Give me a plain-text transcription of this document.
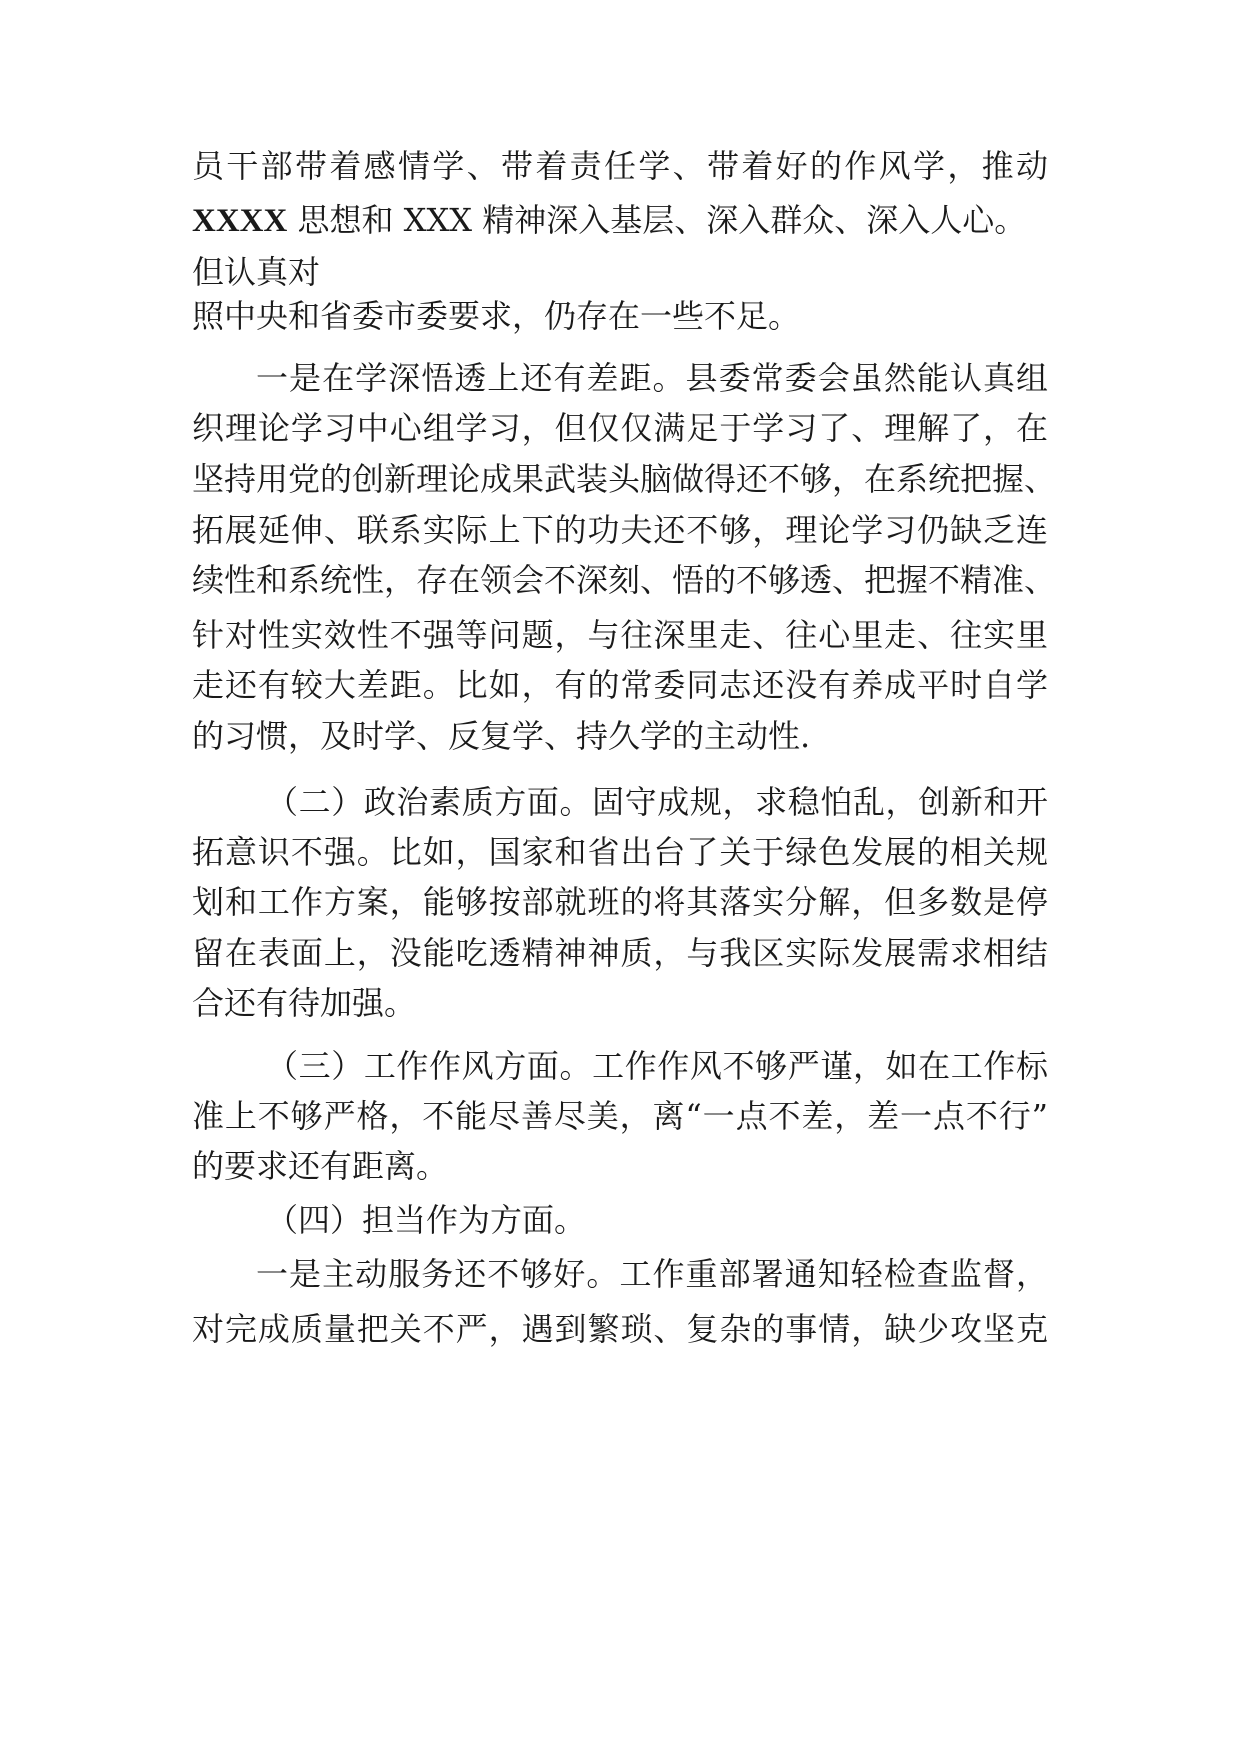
员干部带着感情学、带着责任学、带着好的作风学，推动
XXXX 思想和 XXX 精神深入基层、深入群众、深入人心。
但认真对
照中央和省委市委要求，仍存在一些不足。
一是在学深悟透上还有差距。县委常委会虽然能认真组
织理论学习中心组学习，但仅仅满足于学习了、理解了，在
坚持用党的创新理论成果武装头脑做得还不够，在系统把握、
拓展延伸、联系实际上下的功夫还不够，理论学习仍缺乏连
续性和系统性，存在领会不深刻、悟的不够透、把握不精准、
针对性实效性不强等问题，与往深里走、往心里走、往实里
走还有较大差距。比如，有的常委同志还没有养成平时自学
的习惯，及时学、反复学、持久学的主动性.
（二）政治素质方面。固守成规，求稳怕乱，创新和开
拓意识不强。比如，国家和省出台了关于绿色发展的相关规
划和工作方案，能够按部就班的将其落实分解，但多数是停
留在表面上，没能吃透精神神质，与我区实际发展需求相结
合还有待加强。
（三）工作作风方面。工作作风不够严谨，如在工作标
准上不够严格，不能尽善尽美，离“一点不差，差一点不行”
的要求还有距离。
（四）担当作为方面。
一是主动服务还不够好。工作重部署通知轻检查监督，
对完成质量把关不严，遇到繁琐、复杂的事情，缺少攻坚克
